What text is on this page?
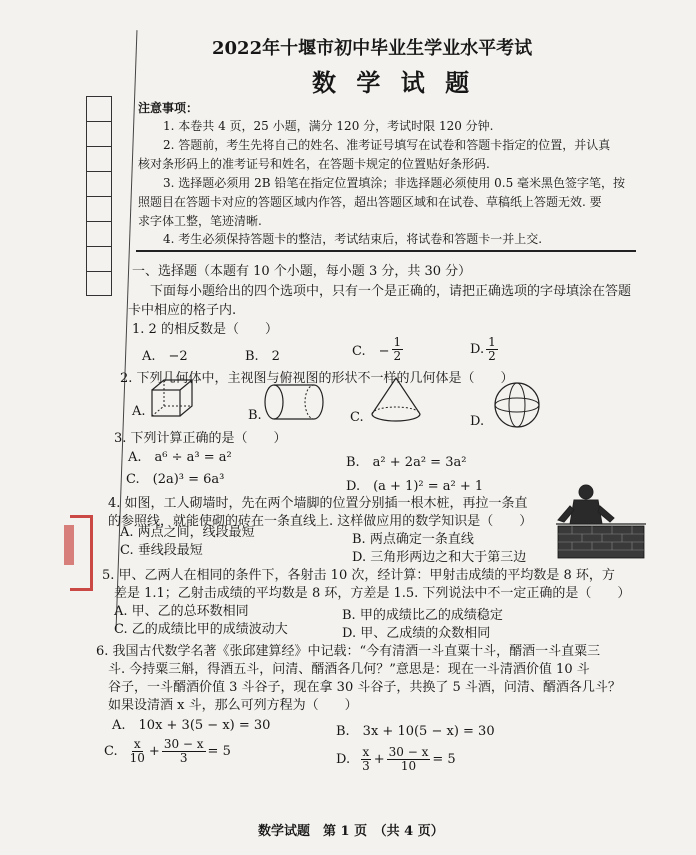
2022年十堰市初中毕业生学业水平考试
数 学 试 题
注意事项：
1. 本卷共 4 页，25 小题，满分 120 分，考试时限 120 分钟.
2. 答题前，考生先将自己的姓名、准考证号填写在试卷和答题卡指定的位置，并认真
核对条形码上的准考证号和姓名，在答题卡规定的位置贴好条形码.
3. 选择题必须用 2B 铅笔在指定位置填涂；非选择题必须使用 0.5 毫米黑色签字笔，按
照题目在答题卡对应的答题区域内作答，超出答题区域和在试卷、草稿纸上答题无效. 要
求字体工整，笔迹清晰.
4. 考生必须保持答题卡的整洁，考试结束后，将试卷和答题卡一并上交.
一、选择题（本题有 10 个小题，每小题 3 分，共 30 分）
下面每小题给出的四个选项中，只有一个是正确的，请把正确选项的字母填涂在答题
卡中相应的格子内.
1. 2 的相反数是（　　）
A.　−2	B.　2	C.　− $\frac{1}{2}$	D. $\frac{1}{2}$
2. 下列几何体中，主视图与俯视图的形状不一样的几何体是（　　）
A.	B.	C.	D.
3. 下列计算正确的是（　　）
A.　a⁶ ÷ a³ = a²	B.　a² + 2a² = 3a²
C.　(2a)³ = 6a³	D.　(a + 1)² = a² + 1
4. 如图，工人砌墙时，先在两个墙脚的位置分别插一根木桩，再拉一条直
的参照线，就能使砌的砖在一条直线上. 这样做应用的数学知识是（　　）
A. 两点之间，线段最短	B. 两点确定一条直线
C. 垂线段最短	D. 三角形两边之和大于第三边
5. 甲、乙两人在相同的条件下，各射击 10 次，经计算：甲射击成绩的平均数是 8 环，方
差是 1.1；乙射击成绩的平均数是 8 环，方差是 1.5. 下列说法中不一定正确的是（　　）
A. 甲、乙的总环数相同	B. 甲的成绩比乙的成绩稳定
C. 乙的成绩比甲的成绩波动大	D. 甲、乙成绩的众数相同
6. 我国古代数学名著《张邱建算经》中记载：“今有清酒一斗直粟十斗，醑酒一斗直粟三
斗. 今持粟三斛，得酒五斗，问清、醑酒各几何？”意思是：现在一斗清酒价值 10 斗
谷子，一斗醑酒价值 3 斗谷子，现在拿 30 斗谷子，共换了 5 斗酒，问清、醑酒各几斗？
如果设清酒 x 斗，那么可列方程为（　　）
A.　10x + 3(5 − x) = 30	B.　3x + 10(5 − x) = 30
C. $\frac{x}{10} + \frac{30 - x}{3} = 5$
D. $\frac{x}{3} + \frac{30 - x}{10} = 5$
数学试题　第 1 页　（共 4 页）
